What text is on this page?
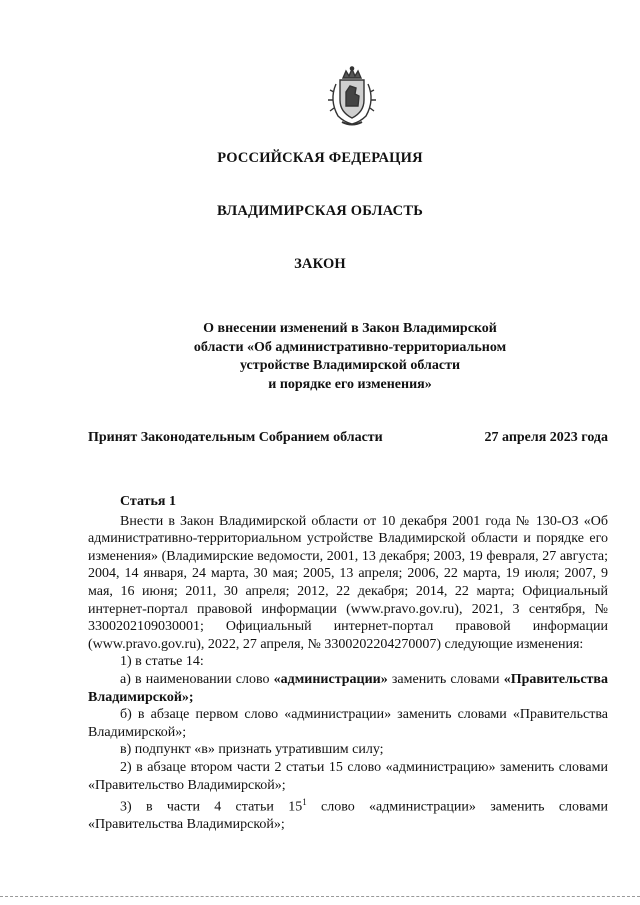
РОССИЙСКАЯ ФЕДЕРАЦИЯ
ВЛАДИМИРСКАЯ ОБЛАСТЬ
ЗАКОН
О внесении изменений в Закон Владимирской
области «Об административно-территориальном
устройстве Владимирской области
и порядке его изменения»
Принят Законодательным Собранием области	27 апреля 2023 года

Статья 1

Внести в Закон Владимирской области от 10 декабря 2001 года № 130-ОЗ «Об административно-территориальном устройстве Владимирской области и порядке его изменения» (Владимирские ведомости, 2001, 13 декабря; 2003, 19 февраля, 27 августа; 2004, 14 января, 24 марта, 30 мая; 2005, 13 апреля; 2006, 22 марта, 19 июля; 2007, 9 мая, 16 июня; 2011, 30 апреля; 2012, 22 декабря; 2014, 22 марта; Официальный интернет-портал правовой информации (www.pravo.gov.ru), 2021, 3 сентября, № 3300202109030001; Официальный интернет-портал правовой информации (www.pravo.gov.ru), 2022, 27 апреля, № 3300202204270007) следующие изменения:

1) в статье 14:

а) в наименовании слово «администрации» заменить словами «Правительства Владимирской»;

б) в абзаце первом слово «администрации» заменить словами «Правительства Владимирской»;

в) подпункт «в» признать утратившим силу;

2) в абзаце втором части 2 статьи 15 слово «администрацию» заменить словами «Правительство Владимирской»;

3) в части 4 статьи $15^1$ слово «администрации» заменить словами «Правительства Владимирской»;
